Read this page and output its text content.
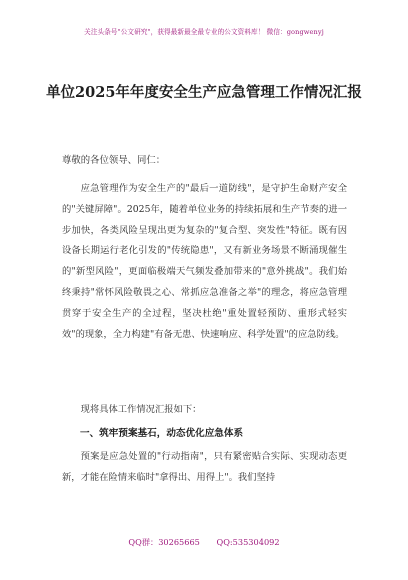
关注头条号"公文研究"，获得最新最全最专业的公文资料库！ 微信：gongwenyj
单位2025年年度安全生产应急管理工作情况汇报

尊敬的各位领导、同仁：

应急管理作为安全生产的"最后一道防线"，是守护生命财产安全的"关键屏障"。2025年，随着单位业务的持续拓展和生产节奏的进一步加快，各类风险呈现出更为复杂的"复合型、突发性"特征。既有因设备长期运行老化引发的"传统隐患"，又有新业务场景不断涌现催生的"新型风险"，更面临极端天气频发叠加带来的"意外挑战"。我们始终秉持"常怀风险敬畏之心、常抓应急准备之举"的理念，将应急管理贯穿于安全生产的全过程，坚决杜绝"重处置轻预防、重形式轻实效"的现象，全力构建"有备无患、快速响应、科学处置"的应急防线。

现将具体工作情况汇报如下：

一、筑牢预案基石，动态优化应急体系

预案是应急处置的"行动指南"，只有紧密贴合实际、实现动态更新，才能在险情来临时"拿得出、用得上"。我们坚持

QQ群：30265665 QQ:535304092
